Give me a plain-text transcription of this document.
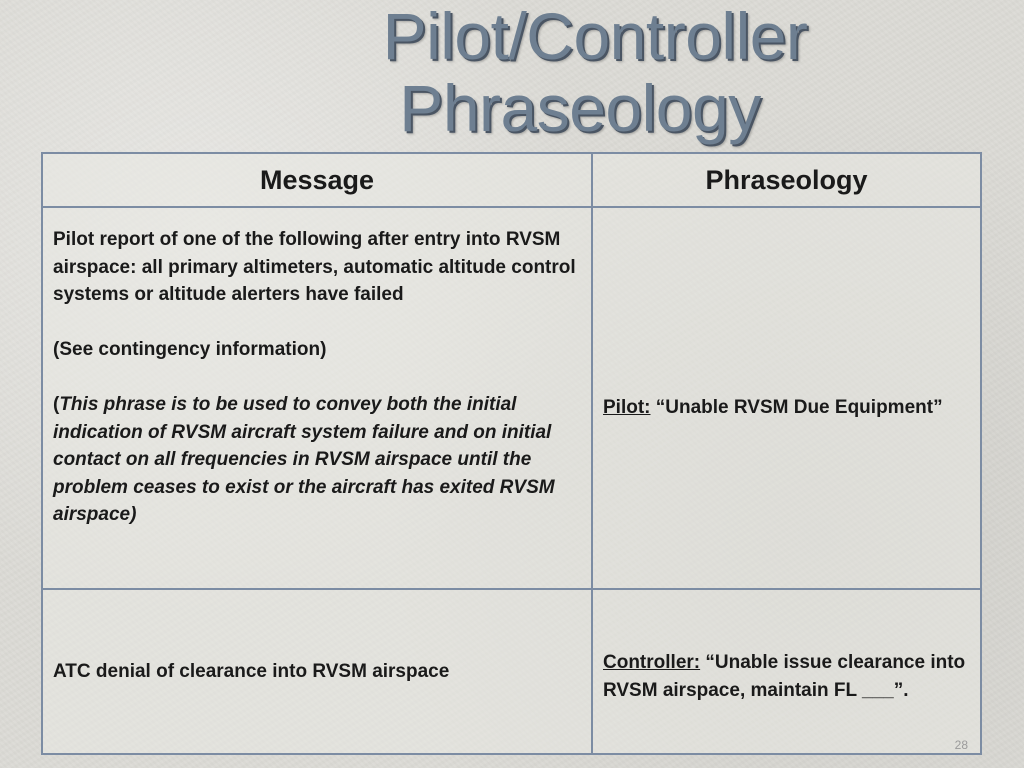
Pilot/Controller
Phraseology
Message	Phraseology

Pilot report of one of the following after entry into RVSM airspace: all primary altimeters, automatic altitude control systems or altitude alerters have failed

(See contingency information)

(This phrase is to be used to convey both the initial indication of RVSM aircraft system failure and on initial contact on all frequencies in RVSM airspace until the problem ceases to exist or the aircraft has exited RVSM airspace)	Pilot: “Unable RVSM Due Equipment”

ATC denial of clearance into RVSM airspace	Controller: “Unable issue clearance into RVSM airspace, maintain FL ___”.

28
